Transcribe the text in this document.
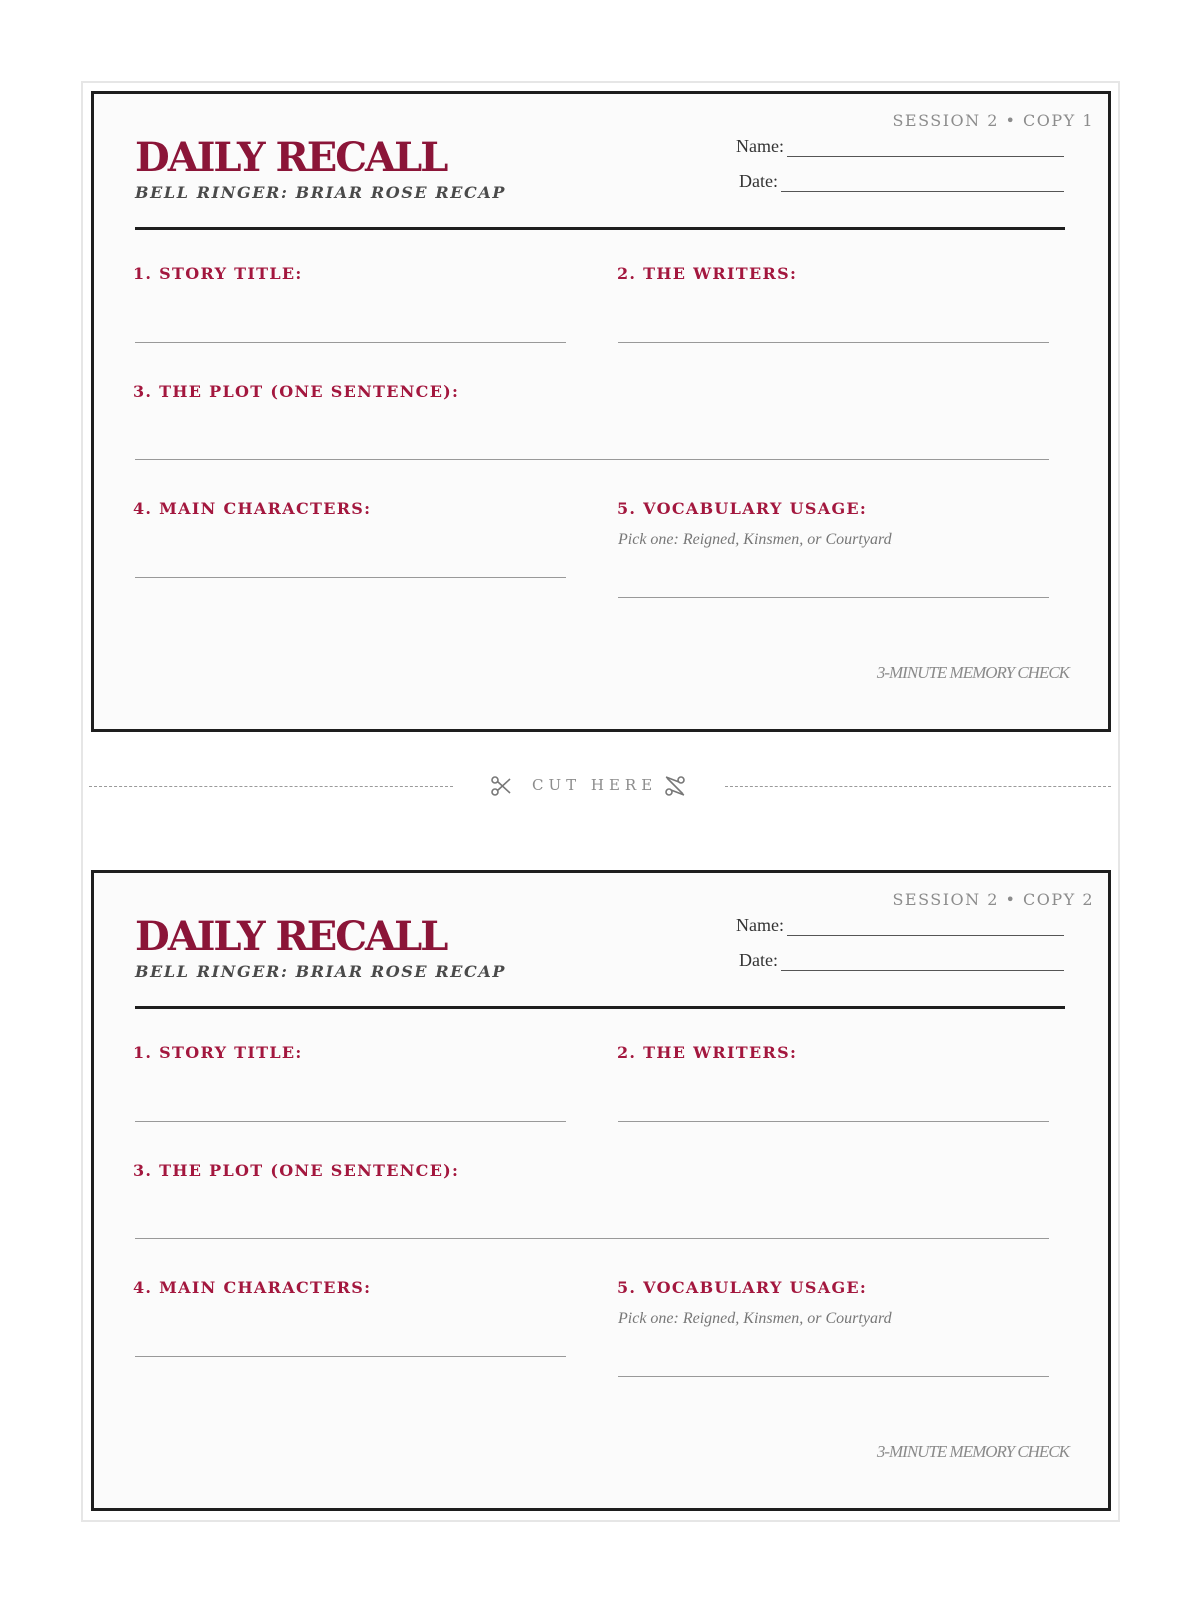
SESSION 2 • COPY 1
DAILY RECALL
BELL RINGER: BRIAR ROSE RECAP
Name:
Date:
1. STORY TITLE:	2. THE WRITERS:
3. THE PLOT (ONE SENTENCE):
4. MAIN CHARACTERS:	5. VOCABULARY USAGE:
Pick one: Reigned, Kinsmen, or Courtyard
3-MINUTE MEMORY CHECK
CUT HERE
SESSION 2 • COPY 2
DAILY RECALL
BELL RINGER: BRIAR ROSE RECAP
Name:
Date:
1. STORY TITLE:	2. THE WRITERS:
3. THE PLOT (ONE SENTENCE):
4. MAIN CHARACTERS:	5. VOCABULARY USAGE:
Pick one: Reigned, Kinsmen, or Courtyard
3-MINUTE MEMORY CHECK
